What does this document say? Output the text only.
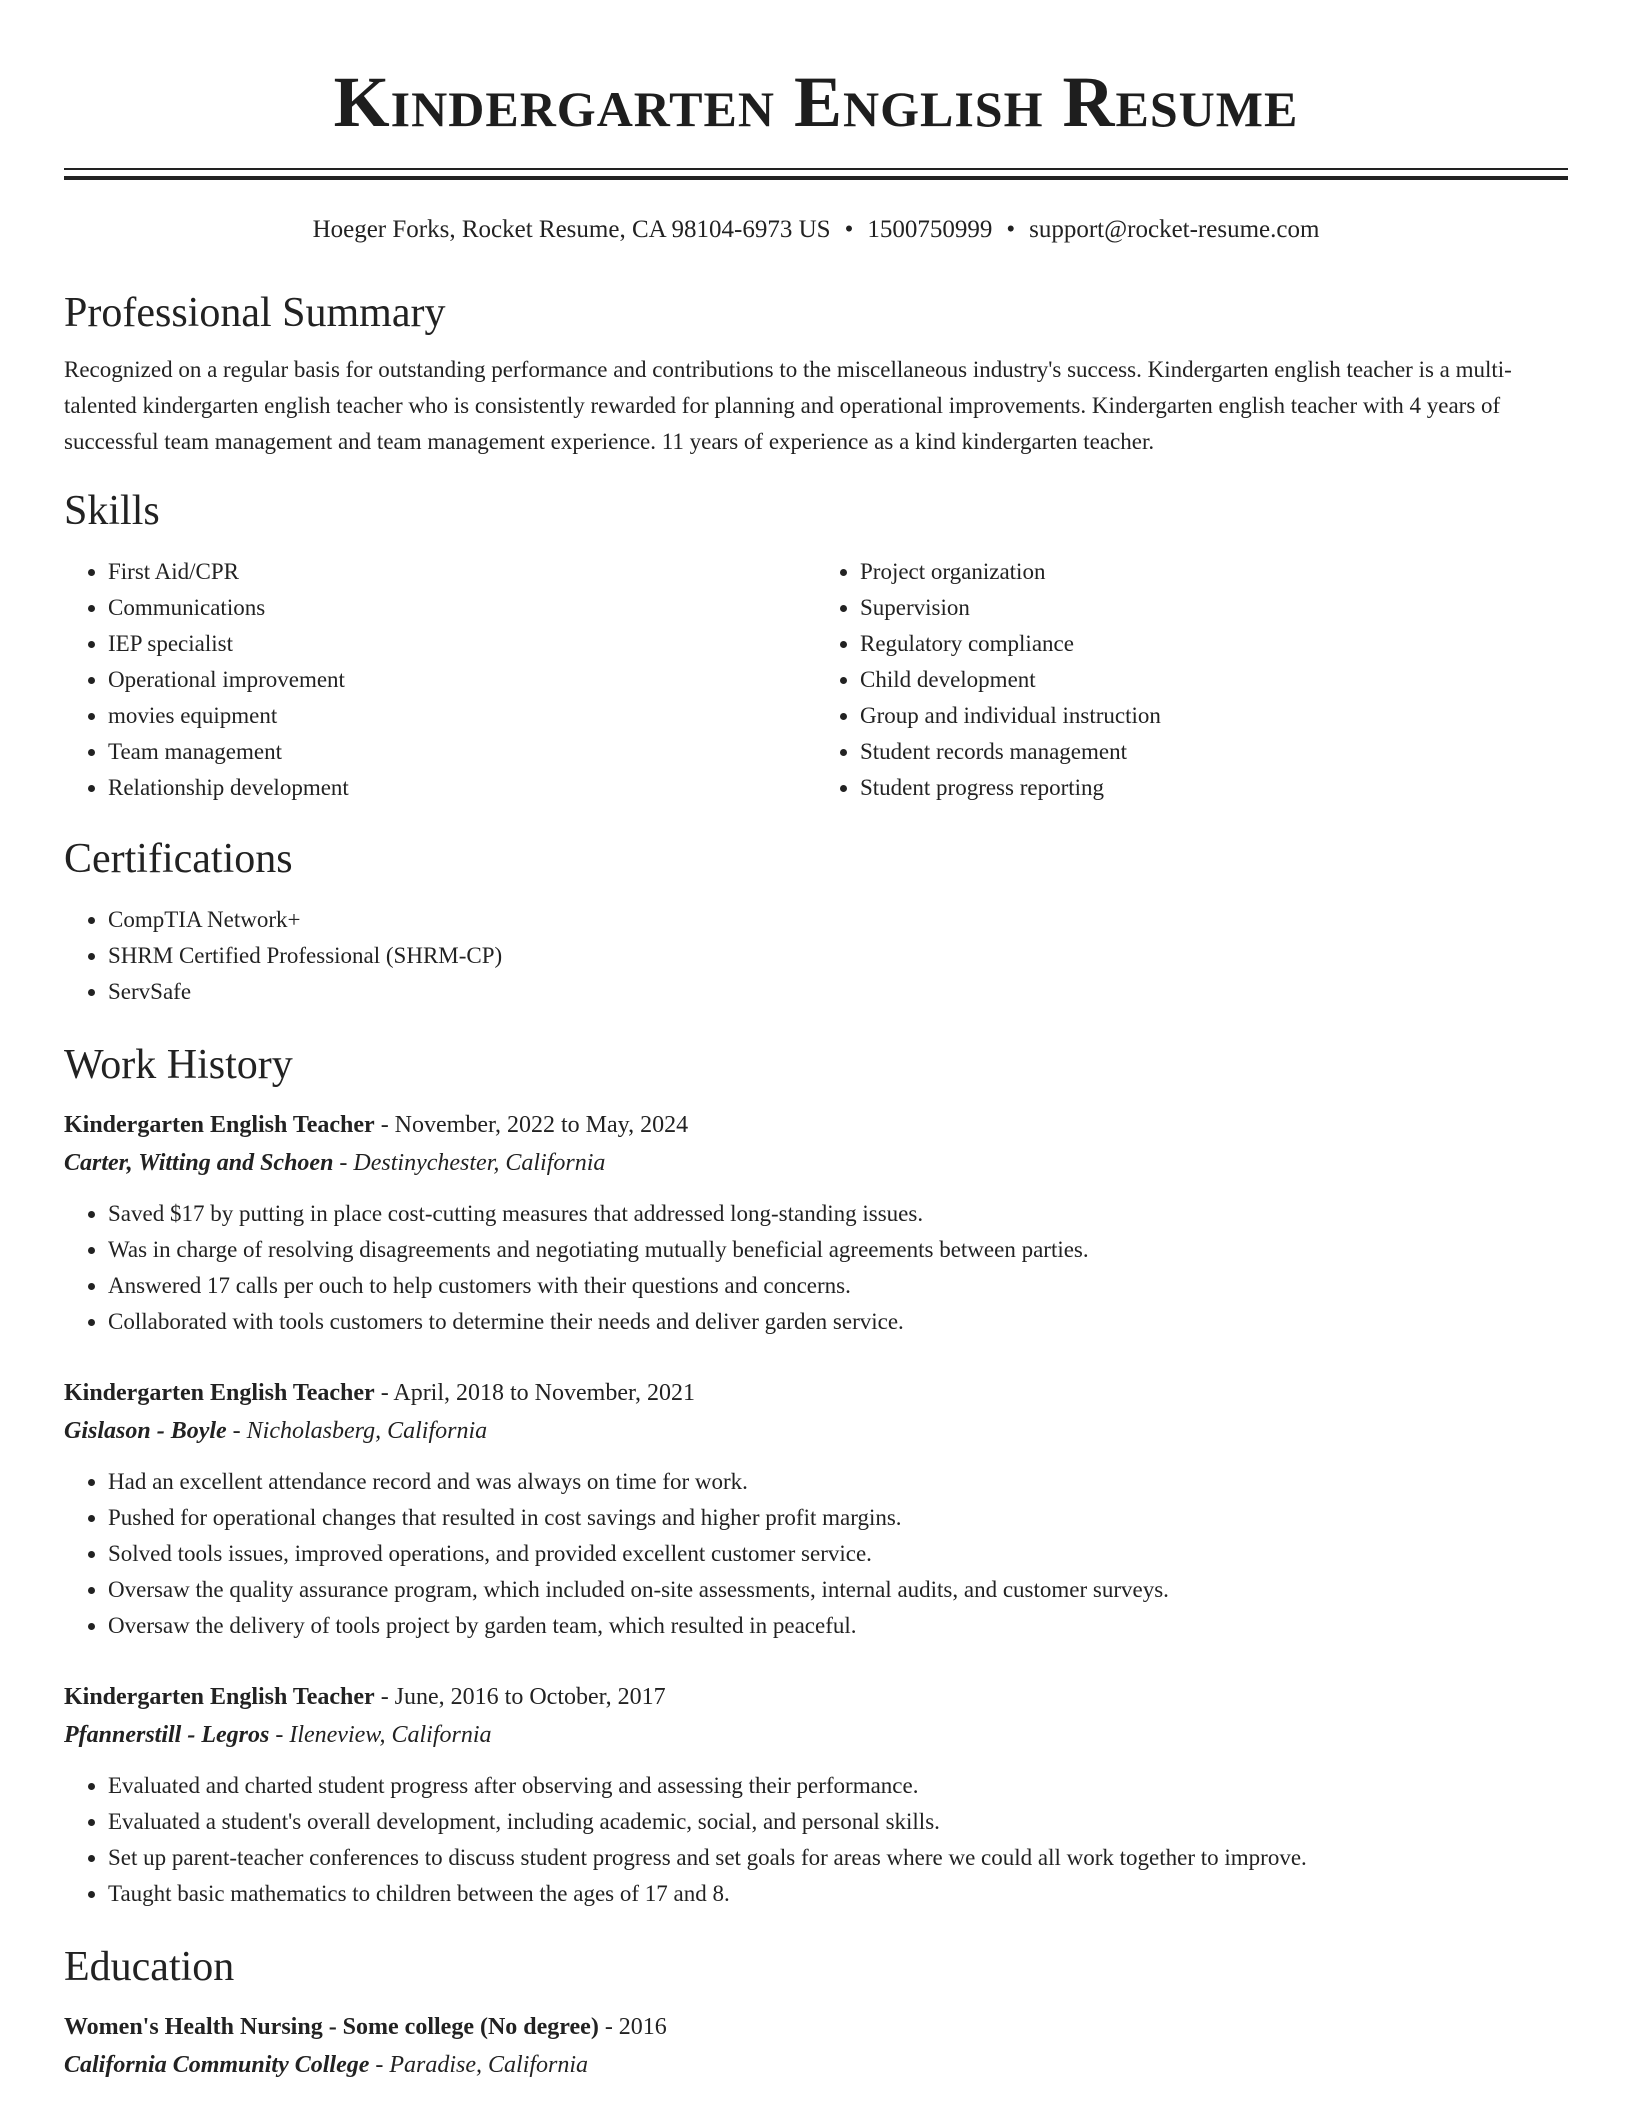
Kindergarten English Resume
Hoeger Forks, Rocket Resume, CA 98104-6973 US • 1500750999 • support@rocket-resume.com
Professional Summary
Recognized on a regular basis for outstanding performance and contributions to the miscellaneous industry's success. Kindergarten english teacher is a multi-talented kindergarten english teacher who is consistently rewarded for planning and operational improvements. Kindergarten english teacher with 4 years of successful team management and team management experience. 11 years of experience as a kind kindergarten teacher.
Skills
• First Aid/CPR
• Communications
• IEP specialist
• Operational improvement
• movies equipment
• Team management
• Relationship development
• Project organization
• Supervision
• Regulatory compliance
• Child development
• Group and individual instruction
• Student records management
• Student progress reporting
Certifications
• CompTIA Network+
• SHRM Certified Professional (SHRM-CP)
• ServSafe
Work History
Kindergarten English Teacher - November, 2022 to May, 2024
Carter, Witting and Schoen - Destinychester, California
• Saved $17 by putting in place cost-cutting measures that addressed long-standing issues.
• Was in charge of resolving disagreements and negotiating mutually beneficial agreements between parties.
• Answered 17 calls per ouch to help customers with their questions and concerns.
• Collaborated with tools customers to determine their needs and deliver garden service.
Kindergarten English Teacher - April, 2018 to November, 2021
Gislason - Boyle - Nicholasberg, California
• Had an excellent attendance record and was always on time for work.
• Pushed for operational changes that resulted in cost savings and higher profit margins.
• Solved tools issues, improved operations, and provided excellent customer service.
• Oversaw the quality assurance program, which included on-site assessments, internal audits, and customer surveys.
• Oversaw the delivery of tools project by garden team, which resulted in peaceful.
Kindergarten English Teacher - June, 2016 to October, 2017
Pfannerstill - Legros - Ileneview, California
• Evaluated and charted student progress after observing and assessing their performance.
• Evaluated a student's overall development, including academic, social, and personal skills.
• Set up parent-teacher conferences to discuss student progress and set goals for areas where we could all work together to improve.
• Taught basic mathematics to children between the ages of 17 and 8.
Education
Women's Health Nursing - Some college (No degree) - 2016
California Community College - Paradise, California
